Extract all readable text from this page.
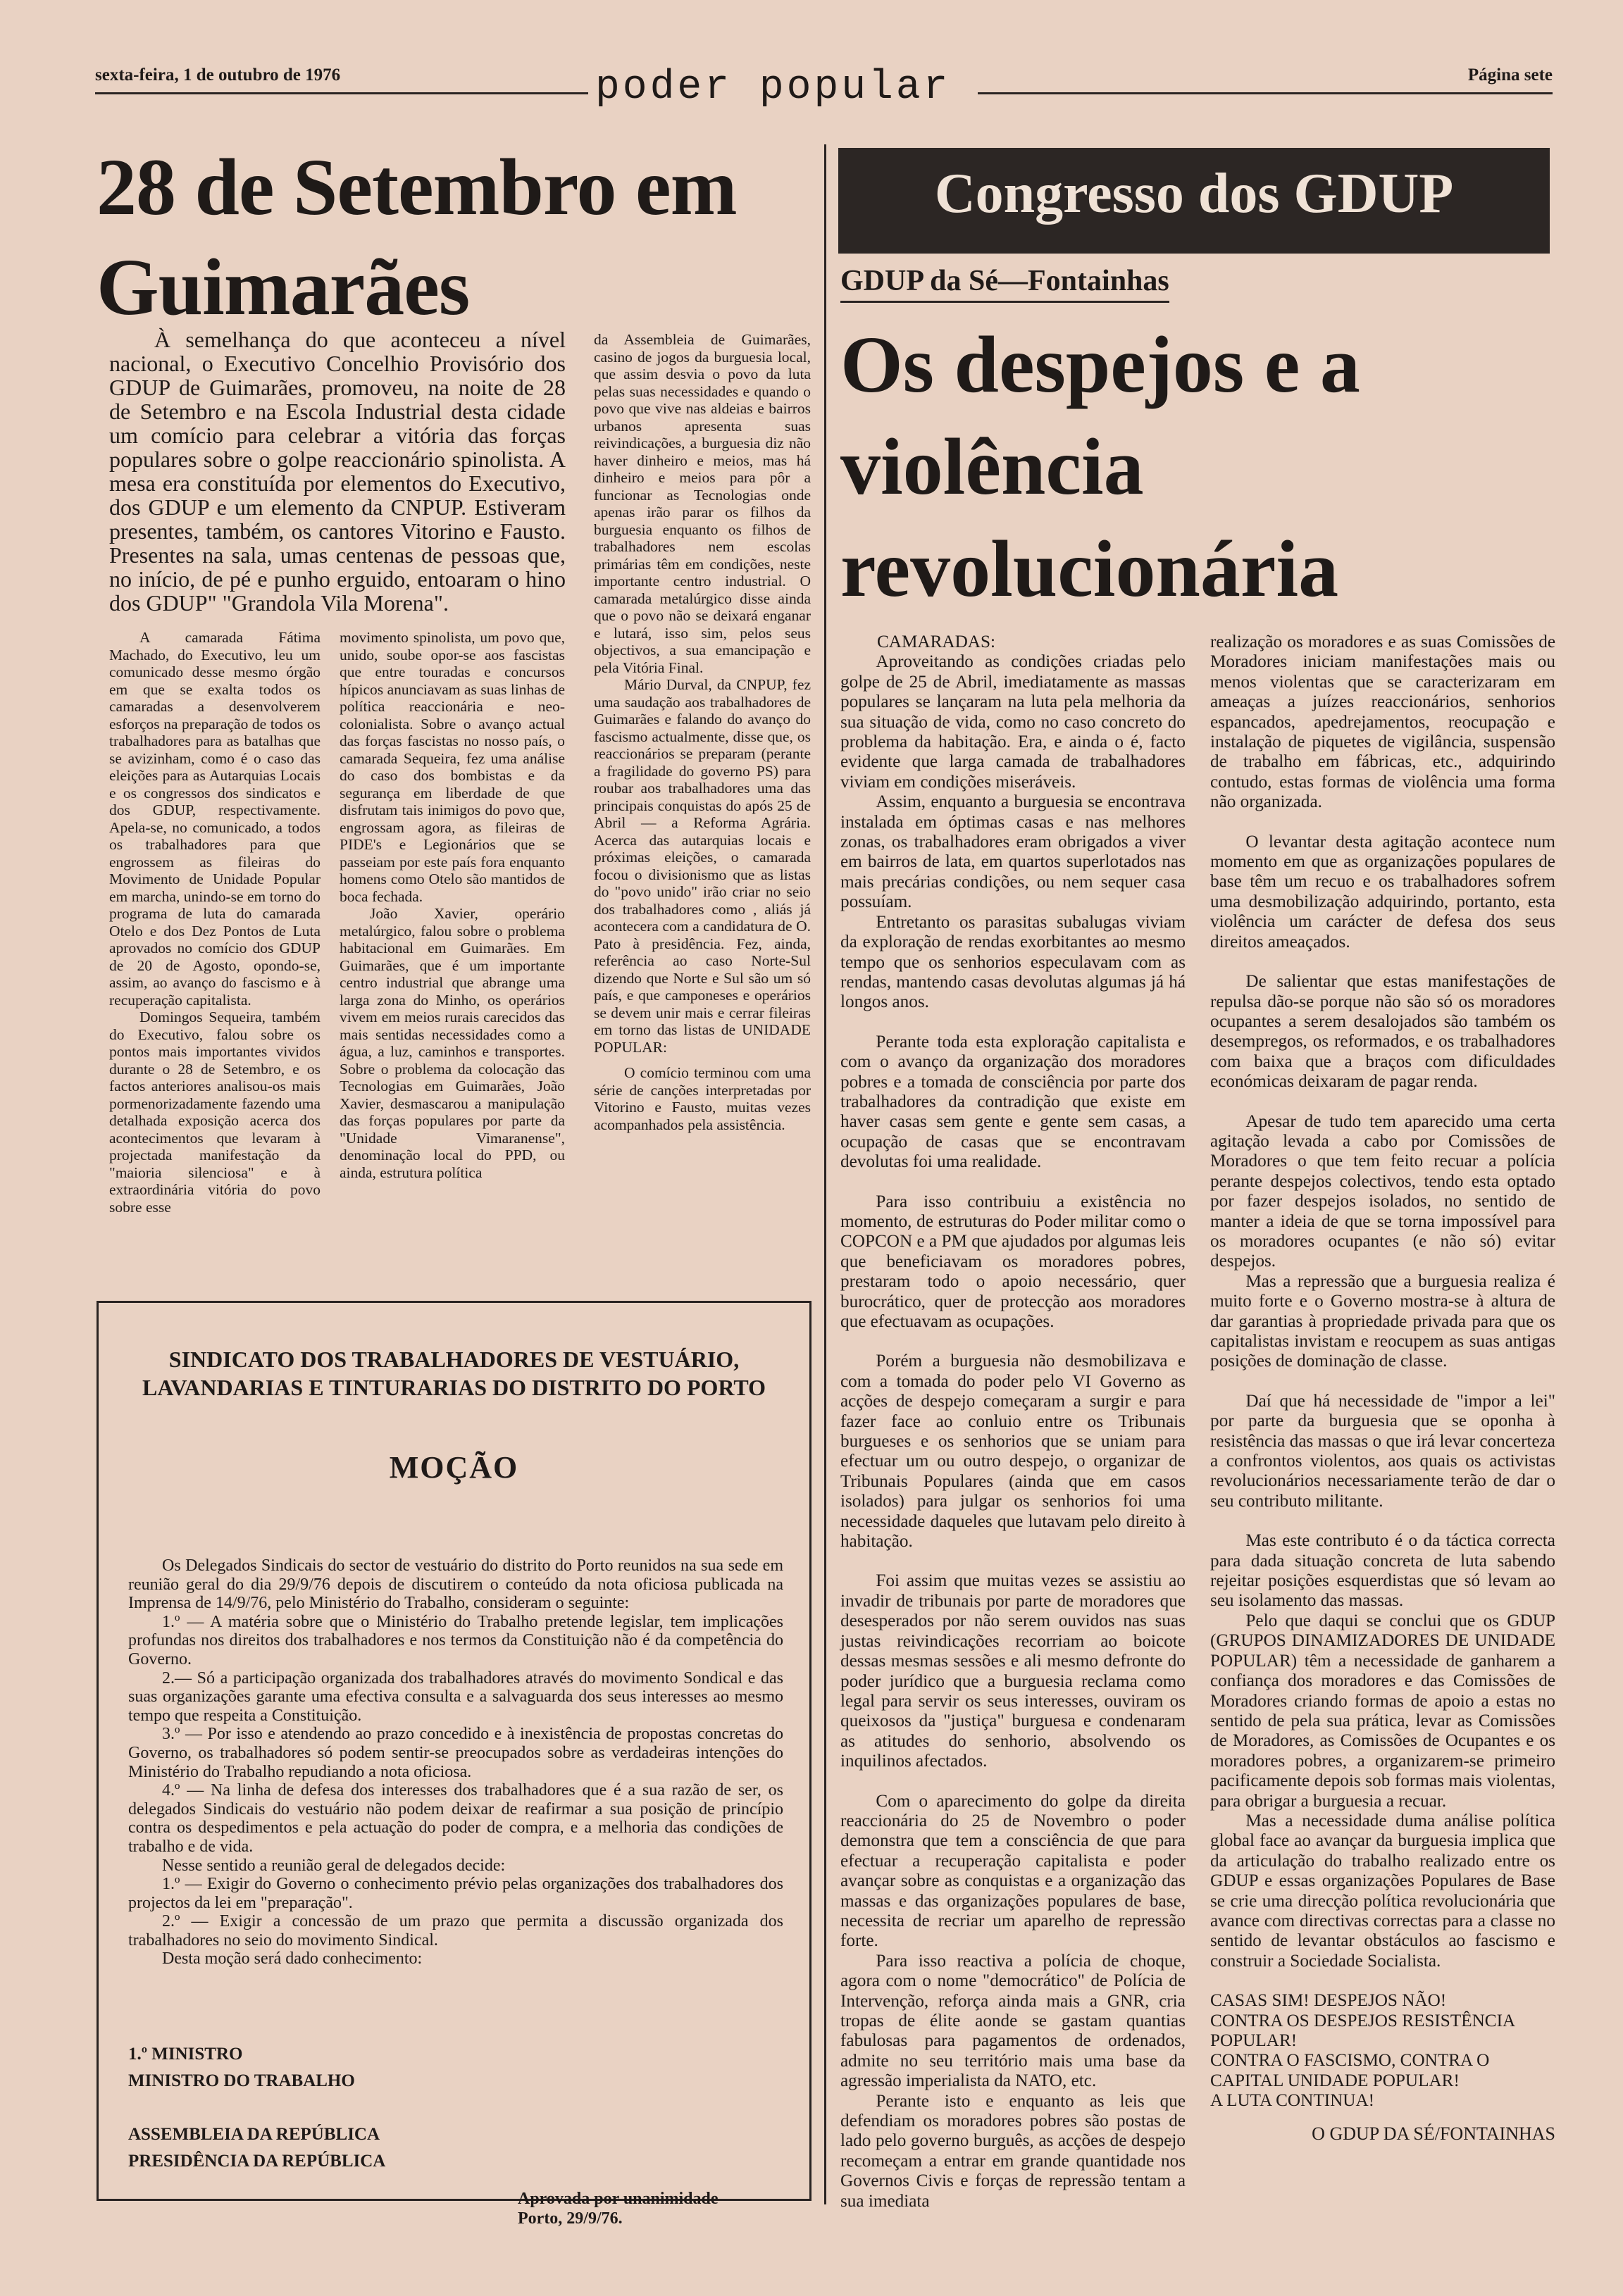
sexta-feira, 1 de outubro de 1976	poder popular	Página sete
28 de Setembro em Guimarães

À semelhança do que aconteceu a nível nacional, o Executivo Concelhio Provisório dos GDUP de Guimarães, promoveu, na noite de 28 de Setembro e na Escola Industrial desta cidade um comício para celebrar a vitória das forças populares sobre o golpe reaccionário spinolista. A mesa era constituída por elementos do Executivo, dos GDUP e um elemento da CNPUP. Estiveram presentes, também, os cantores Vitorino e Fausto. Presentes na sala, umas centenas de pessoas que, no início, de pé e punho erguido, entoaram o hino dos GDUP" "Grandola Vila Morena".

A camarada Fátima Machado, do Executivo, leu um comunicado desse mesmo órgão em que se exalta todos os camaradas a desenvolverem esforços na preparação de todos os trabalhadores para as batalhas que se avizinham, como é o caso das eleições para as Autarquias Locais e os congressos dos sindicatos e dos GDUP, respectivamente. Apela-se, no comunicado, a todos os trabalhadores para que engrossem as fileiras do Movimento de Unidade Popular em marcha, unindo-se em torno do programa de luta do camarada Otelo e dos Dez Pontos de Luta aprovados no comício dos GDUP de 20 de Agosto, opondo-se, assim, ao avanço do fascismo e à recuperação capitalista.

Domingos Sequeira, também do Executivo, falou sobre os pontos mais importantes vividos durante o 28 de Setembro, e os factos anteriores analisou-os mais pormenorizadamente fazendo uma detalhada exposição acerca dos acontecimentos que levaram à projectada manifestação da "maioria silenciosa" e à extraordinária vitória do povo sobre esse

movimento spinolista, um povo que, unido, soube opor-se aos fascistas que entre touradas e concursos hípicos anunciavam as suas linhas de política reaccionária e neo-colonialista. Sobre o avanço actual das forças fascistas no nosso país, o camarada Sequeira, fez uma análise do caso dos bombistas e da segurança em liberdade de que disfrutam tais inimigos do povo que, engrossam agora, as fileiras de PIDE's e Legionários que se passeiam por este país fora enquanto homens como Otelo são mantidos de boca fechada.

João Xavier, operário metalúrgico, falou sobre o problema habitacional em Guimarães. Em Guimarães, que é um importante centro industrial que abrange uma larga zona do Minho, os operários vivem em meios rurais carecidos das mais sentidas necessidades como a água, a luz, caminhos e transportes. Sobre o problema da colocação das Tecnologias em Guimarães, João Xavier, desmascarou a manipulação das forças populares por parte da "Unidade Vimaranense", denominação local do PPD, ou ainda, estrutura política

da Assembleia de Guimarães, casino de jogos da burguesia local, que assim desvia o povo da luta pelas suas necessidades e quando o povo que vive nas aldeias e bairros urbanos apresenta suas reivindicações, a burguesia diz não haver dinheiro e meios, mas há dinheiro e meios para pôr a funcionar as Tecnologias onde apenas irão parar os filhos da burguesia enquanto os filhos de trabalhadores nem escolas primárias têm em condições, neste importante centro industrial. O camarada metalúrgico disse ainda que o povo não se deixará enganar e lutará, isso sim, pelos seus objectivos, a sua emancipação e pela Vitória Final.

Mário Durval, da CNPUP, fez uma saudação aos trabalhadores de Guimarães e falando do avanço do fascismo actualmente, disse que, os reaccionários se preparam (perante a fragilidade do governo PS) para roubar aos trabalhadores uma das principais conquistas do após 25 de Abril — a Reforma Agrária. Acerca das autarquias locais e próximas eleições, o camarada focou o divisionismo que as listas do "povo unido" irão criar no seio dos trabalhadores como , aliás já acontecera com a candidatura de O. Pato à presidência. Fez, ainda, referência ao caso Norte-Sul dizendo que Norte e Sul são um só país, e que camponeses e operários se devem unir mais e cerrar fileiras em torno das listas de UNIDADE POPULAR:

O comício terminou com uma série de canções interpretadas por Vitorino e Fausto, muitas vezes acompanhados pela assistência.

SINDICATO DOS TRABALHADORES DE VESTUÁRIO,
LAVANDARIAS E TINTURARIAS DO DISTRITO DO PORTO
MOÇÃO

Os Delegados Sindicais do sector de vestuário do distrito do Porto reunidos na sua sede em reunião geral do dia 29/9/76 depois de discutirem o conteúdo da nota oficiosa publicada na Imprensa de 14/9/76, pelo Ministério do Trabalho, consideram o seguinte:

1.º — A matéria sobre que o Ministério do Trabalho pretende legislar, tem implicações profundas nos direitos dos trabalhadores e nos termos da Constituição não é da competência do Governo.

2.— Só a participação organizada dos trabalhadores através do movimento Sondical e das suas organizações garante uma efectiva consulta e a salvaguarda dos seus interesses ao mesmo tempo que respeita a Constituição.

3.º — Por isso e atendendo ao prazo concedido e à inexistência de propostas concretas do Governo, os trabalhadores só podem sentir-se preocupados sobre as verdadeiras intenções do Ministério do Trabalho repudiando a nota oficiosa.

4.º — Na linha de defesa dos interesses dos trabalhadores que é a sua razão de ser, os delegados Sindicais do vestuário não podem deixar de reafirmar a sua posição de princípio contra os despedimentos e pela actuação do poder de compra, e a melhoria das condições de trabalho e de vida.

Nesse sentido a reunião geral de delegados decide:

1.º — Exigir do Governo o conhecimento prévio pelas organizações dos trabalhadores dos projectos da lei em "preparação".

2.º — Exigir a concessão de um prazo que permita a discussão organizada dos trabalhadores no seio do movimento Sindical.

Desta moção será dado conhecimento:

1.º MINISTRO
MINISTRO DO TRABALHO
ASSEMBLEIA DA REPÚBLICA
PRESIDÊNCIA DA REPÚBLICA
Aprovada por unanimidade
Porto, 29/9/76.
Congresso dos GDUP
GDUP da Sé—Fontainhas
Os despejos e a violência revolucionária

CAMARADAS:

Aproveitando as condições criadas pelo golpe de 25 de Abril, imediatamente as massas populares se lançaram na luta pela melhoria da sua situação de vida, como no caso concreto do problema da habitação. Era, e ainda o é, facto evidente que larga camada de trabalhadores viviam em condições miseráveis.

Assim, enquanto a burguesia se encontrava instalada em óptimas casas e nas melhores zonas, os trabalhadores eram obrigados a viver em bairros de lata, em quartos superlotados nas mais precárias condições, ou nem sequer casa possuíam.

Entretanto os parasitas subalugas viviam da exploração de rendas exorbitantes ao mesmo tempo que os senhorios especulavam com as rendas, mantendo casas devolutas algumas já há longos anos.

Perante toda esta exploração capitalista e com o avanço da organização dos moradores pobres e a tomada de consciência por parte dos trabalhadores da contradição que existe em haver casas sem gente e gente sem casas, a ocupação de casas que se encontravam devolutas foi uma realidade.

Para isso contribuiu a existência no momento, de estruturas do Poder militar como o COPCON e a PM que ajudados por algumas leis que beneficiavam os moradores pobres, prestaram todo o apoio necessário, quer burocrático, quer de protecção aos moradores que efectuavam as ocupações.

Porém a burguesia não desmobilizava e com a tomada do poder pelo VI Governo as acções de despejo começaram a surgir e para fazer face ao conluio entre os Tribunais burgueses e os senhorios que se uniam para efectuar um ou outro despejo, o organizar de Tribunais Populares (ainda que em casos isolados) para julgar os senhorios foi uma necessidade daqueles que lutavam pelo direito à habitação.

Foi assim que muitas vezes se assistiu ao invadir de tribunais por parte de moradores que desesperados por não serem ouvidos nas suas justas reivindicações recorriam ao boicote dessas mesmas sessões e ali mesmo defronte do poder jurídico que a burguesia reclama como legal para servir os seus interesses, ouviram os queixosos da "justiça" burguesa e condenaram as atitudes do senhorio, absolvendo os inquilinos afectados.

Com o aparecimento do golpe da direita reaccionária do 25 de Novembro o poder demonstra que tem a consciência de que para efectuar a recuperação capitalista e poder avançar sobre as conquistas e a organização das massas e das organizações populares de base, necessita de recriar um aparelho de repressão forte.

Para isso reactiva a polícia de choque, agora com o nome "democrático" de Polícia de Intervenção, reforça ainda mais a GNR, cria tropas de élite aonde se gastam quantias fabulosas para pagamentos de ordenados, admite no seu território mais uma base da agressão imperialista da NATO, etc.

Perante isto e enquanto as leis que defendiam os moradores pobres são postas de lado pelo governo burguês, as acções de despejo recomeçam a entrar em grande quantidade nos Governos Civis e forças de repressão tentam a sua imediata

realização os moradores e as suas Comissões de Moradores iniciam manifestações mais ou menos violentas que se caracterizaram em ameaças a juízes reaccionários, senhorios espancados, apedrejamentos, reocupação e instalação de piquetes de vigilância, suspensão de trabalho em fábricas, etc., adquirindo contudo, estas formas de violência uma forma não organizada.

O levantar desta agitação acontece num momento em que as organizações populares de base têm um recuo e os trabalhadores sofrem uma desmobilização adquirindo, portanto, esta violência um carácter de defesa dos seus direitos ameaçados.

De salientar que estas manifestações de repulsa dão-se porque não são só os moradores ocupantes a serem desalojados são também os desempregos, os reformados, e os trabalhadores com baixa que a braços com dificuldades económicas deixaram de pagar renda.

Apesar de tudo tem aparecido uma certa agitação levada a cabo por Comissões de Moradores o que tem feito recuar a polícia perante despejos colectivos, tendo esta optado por fazer despejos isolados, no sentido de manter a ideia de que se torna impossível para os moradores ocupantes (e não só) evitar despejos.

Mas a repressão que a burguesia realiza é muito forte e o Governo mostra-se à altura de dar garantias à propriedade privada para que os capitalistas invistam e reocupem as suas antigas posições de dominação de classe.

Daí que há necessidade de "impor a lei" por parte da burguesia que se oponha à resistência das massas o que irá levar concerteza a confrontos violentos, aos quais os activistas revolucionários necessariamente terão de dar o seu contributo militante.

Mas este contributo é o da táctica correcta para dada situação concreta de luta sabendo rejeitar posições esquerdistas que só levam ao seu isolamento das massas.

Pelo que daqui se conclui que os GDUP (GRUPOS DINAMIZADORES DE UNIDADE POPULAR) têm a necessidade de ganharem a confiança dos moradores e das Comissões de Moradores criando formas de apoio a estas no sentido de pela sua prática, levar as Comissões de Moradores, as Comissões de Ocupantes e os moradores pobres, a organizarem-se primeiro pacificamente depois sob formas mais violentas, para obrigar a burguesia a recuar.

Mas a necessidade duma análise política global face ao avançar da burguesia implica que da articulação do trabalho realizado entre os GDUP e essas organizações Populares de Base se crie uma direcção política revolucionária que avance com directivas correctas para a classe no sentido de levantar obstáculos ao fascismo e construir a Sociedade Socialista.

CASAS SIM! DESPEJOS NÃO!

CONTRA OS DESPEJOS RESISTÊNCIA POPULAR!

CONTRA O FASCISMO, CONTRA O CAPITAL UNIDADE POPULAR!

A LUTA CONTINUA!

O GDUP DA SÉ/FONTAINHAS
